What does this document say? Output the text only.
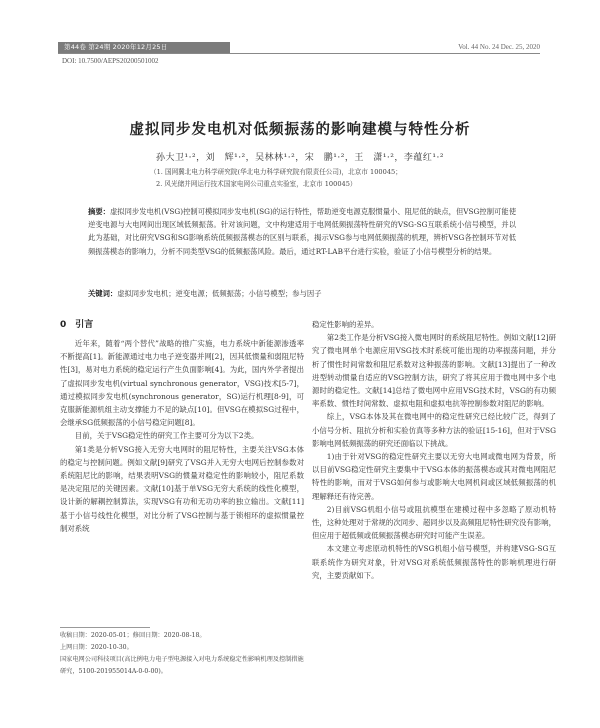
第44卷 第24期 2020年12月25日	Vol. 44 No. 24 Dec. 25, 2020
DOI: 10.7500/AEPS20200501002
虚拟同步发电机对低频振荡的影响建模与特性分析
孙大卫¹·²，刘　辉¹·²，吴林林¹·²，宋　鹏¹·²，王　潇¹·²，李蕴红¹·²
（1. 国网冀北电力科学研究院(华北电力科学研究院有限责任公司)，北京市 100045；
2. 风光储并网运行技术国家电网公司重点实验室，北京市 100045）
摘要：虚拟同步发电机(VSG)控制可模拟同步发电机(SG)的运行特性，帮助逆变电源克服惯量小、阻尼低的缺点，但VSG控制可能使逆变电源与大电网间出现区域低频振荡。针对该问题，文中构建适用于电网低频振荡特性研究的VSG-SG互联系统小信号模型，并以此为基础，对比研究VSG和SG影响系统低频振荡模态的区别与联系，揭示VSG参与电网低频振荡的机理，辨析VSG各控制环节对低频振荡模态的影响力，分析不同类型VSG的低频振荡风险。最后，通过RT-LAB平台进行实验，验证了小信号模型分析的结果。
关键词：虚拟同步发电机；逆变电源；低频振荡；小信号模型；参与因子
0　引言

近年来，随着“两个替代”战略的推广实施，电力系统中新能源渗透率不断提高[1]。新能源通过电力电子逆变器并网[2]，因其低惯量和弱阻尼特性[3]，易对电力系统的稳定运行产生负面影响[4]。为此，国内外学者提出了虚拟同步发电机(virtual synchronous generator，VSG)技术[5-7]，通过模拟同步发电机(synchronous generator，SG)运行机理[8-9]，可克服新能源机组主动支撑能力不足的缺点[10]。但VSG在模拟SG过程中，会继承SG低频振荡的小信号稳定问题[8]。

目前，关于VSG稳定性的研究工作主要可分为以下2类。

第1类是分析VSG接入无穷大电网时的阻尼特性，主要关注VSG本体的稳定与控制问题。例如文献[9]研究了VSG并入无穷大电网后控制参数对系统阻尼比的影响，结果表明VSG的惯量对稳定性的影响较小，阻尼系数是决定阻尼的关键因素。文献[10]基于单VSG无穷大系统的线性化模型，设计新的解耦控制算法，实现VSG有功和无功功率的独立输出。文献[11]基于小信号线性化模型，对比分析了VSG控制与基于锁相环的虚拟惯量控制对系统

稳定性影响的差异。

第2类工作是分析VSG接入微电网时的系统阻尼特性。例如文献[12]研究了微电网单个电源应用VSG技术时系统可能出现的功率振荡问题，并分析了惯性时间常数和阻尼系数对这种振荡的影响。文献[13]提出了一种改进型转动惯量自适应的VSG控制方法，研究了将其应用于微电网中多个电源时的稳定性。文献[14]总结了微电网中应用VSG技术时，VSG的有功频率系数、惯性时间常数、虚拟电阻和虚拟电抗等控制参数对阻尼的影响。

综上，VSG本体及其在微电网中的稳定性研究已经比较广泛，得到了小信号分析、阻抗分析和实验仿真等多种方法的验证[15-16]，但对于VSG影响电网低频振荡的研究还面临以下挑战。

1)由于针对VSG的稳定性研究主要以无穷大电网或微电网为背景，所以目前VSG稳定性研究主要集中于VSG本体的振荡模态或其对微电网阻尼特性的影响，而对于VSG如何参与或影响大电网机间或区域低频振荡的机理解释还有待完善。

2)目前VSG机组小信号或阻抗模型在建模过程中多忽略了原动机特性，这种处理对于常规的次同步、超同步以及高频阻尼特性研究没有影响，但应用于超低频或低频振荡模态研究时可能产生误差。

本文建立考虑原动机特性的VSG机组小信号模型，并构建VSG-SG互联系统作为研究对象，针对VSG对系统低频振荡特性的影响机理进行研究，主要贡献如下。

收稿日期：2020-05-01；修回日期：2020-08-18。
上网日期：2020-10-30。
国家电网公司科技项目(高比例电力电子型电源接入对电力系统稳定性影响机理及控制措施研究，5100-201955014A-0-0-00)。
